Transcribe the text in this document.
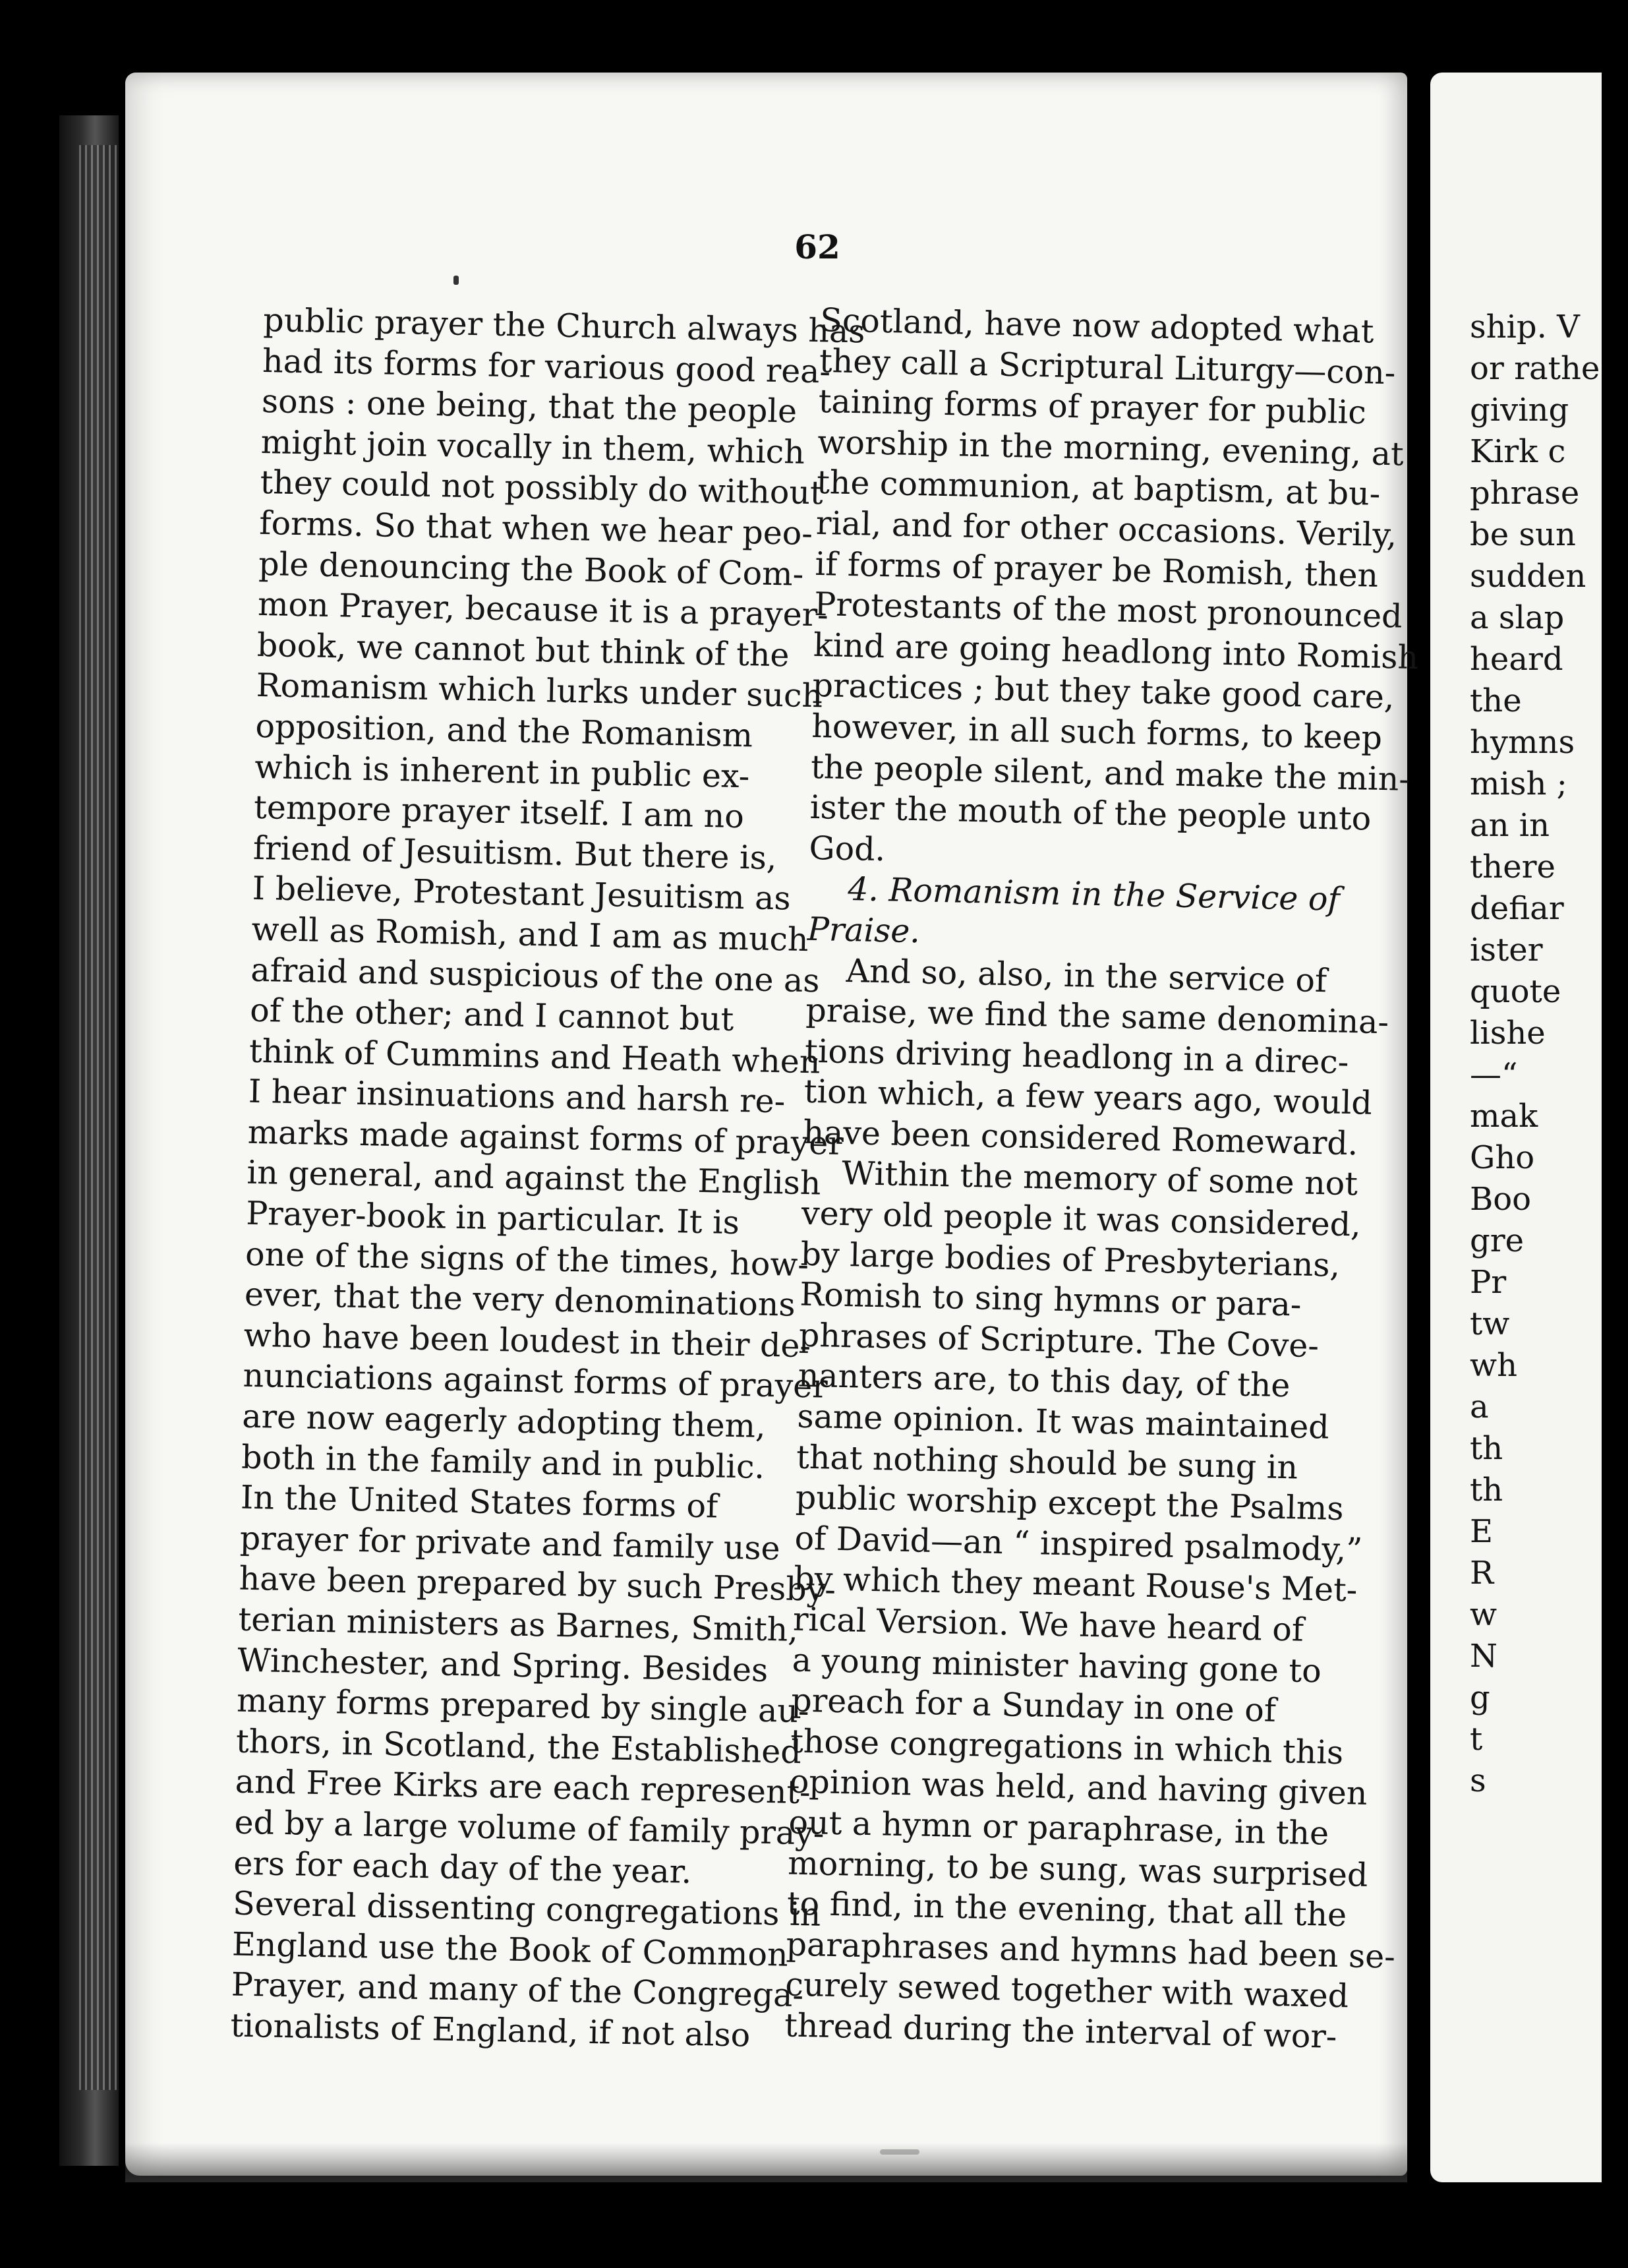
ship. V
or rathe
giving
Kirk c
phrase
be sun
sudden
a slap
heard
the
hymns
mish ;
an in
there
defiar
ister
quote
lishe
—“
mak
Gho
Boo
gre
Pr
tw
wh
a
th
th
E
R
w
N
g
t
s
62
public prayer the Church always has
had its forms for various good rea-
sons : one being, that the people
might join vocally in them, which
they could not possibly do without
forms. So that when we hear peo-
ple denouncing the Book of Com-
mon Prayer, because it is a prayer-
book, we cannot but think of the
Romanism which lurks under such
opposition, and the Romanism
which is inherent in public ex-
tempore prayer itself. I am no
friend of Jesuitism. But there is,
I believe, Protestant Jesuitism as
well as Romish, and I am as much
afraid and suspicious of the one as
of the other; and I cannot but
think of Cummins and Heath when
I hear insinuations and harsh re-
marks made against forms of prayer
in general, and against the English
Prayer-book in particular. It is
one of the signs of the times, how-
ever, that the very denominations
who have been loudest in their de-
nunciations against forms of prayer
are now eagerly adopting them,
both in the family and in public.
In the United States forms of
prayer for private and family use
have been prepared by such Presby-
terian ministers as Barnes, Smith,
Winchester, and Spring. Besides
many forms prepared by single au-
thors, in Scotland, the Established
and Free Kirks are each represent-
ed by a large volume of family pray-
ers for each day of the year.
Several dissenting congregations in
England use the Book of Common
Prayer, and many of the Congrega-
tionalists of England, if not also
Scotland, have now adopted what
they call a Scriptural Liturgy—con-
taining forms of prayer for public
worship in the morning, evening, at
the communion, at baptism, at bu-
rial, and for other occasions. Verily,
if forms of prayer be Romish, then
Protestants of the most pronounced
kind are going headlong into Romish
practices ; but they take good care,
however, in all such forms, to keep
the people silent, and make the min-
ister the mouth of the people unto
God.
4. Romanism in the Service of
Praise.
And so, also, in the service of
praise, we find the same denomina-
tions driving headlong in a direc-
tion which, a few years ago, would
have been considered Romeward.
Within the memory of some not
very old people it was considered,
by large bodies of Presbyterians,
Romish to sing hymns or para-
phrases of Scripture. The Cove-
nanters are, to this day, of the
same opinion. It was maintained
that nothing should be sung in
public worship except the Psalms
of David—an “ inspired psalmody,”
by which they meant Rouse's Met-
rical Version. We have heard of
a young minister having gone to
preach for a Sunday in one of
those congregations in which this
opinion was held, and having given
out a hymn or paraphrase, in the
morning, to be sung, was surprised
to find, in the evening, that all the
paraphrases and hymns had been se-
curely sewed together with waxed
thread during the interval of wor-
